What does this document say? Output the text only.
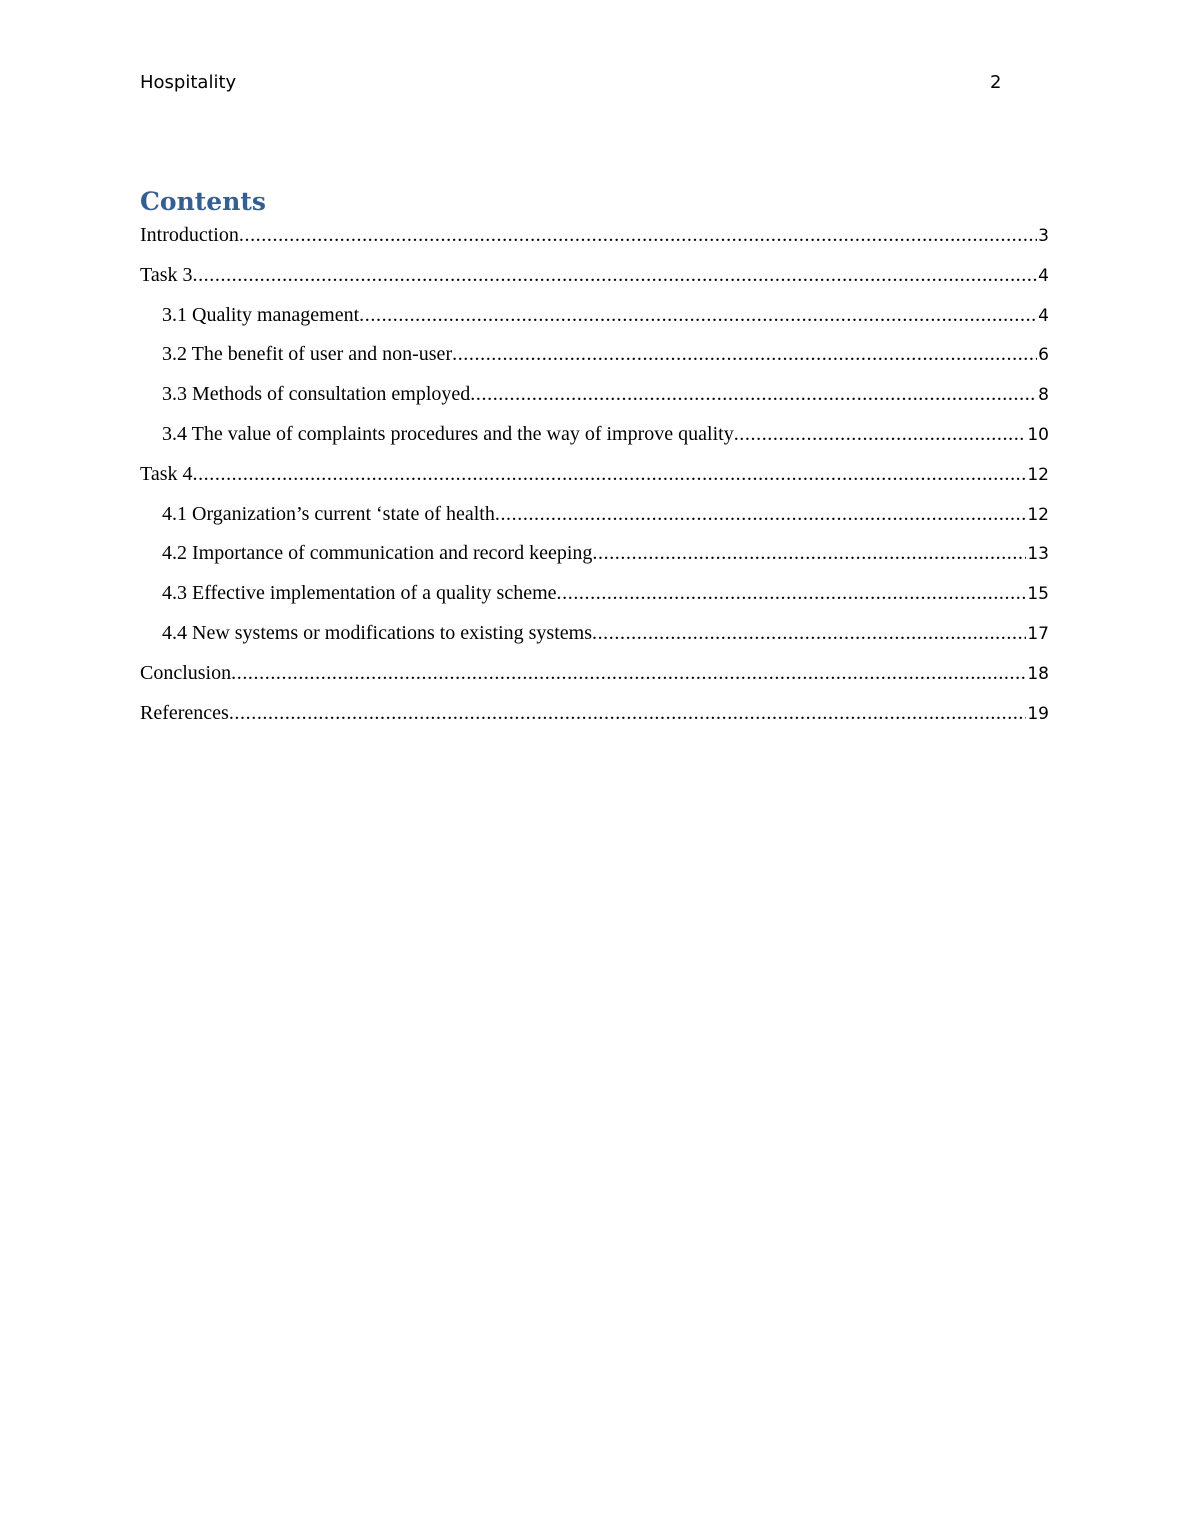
Hospitality	2
Contents
Introduction .....	3
Task 3 .....	4
3.1 Quality management .....	4
3.2 The benefit of user and non-user .....	6
3.3 Methods of consultation employed .....	8
3.4 The value of complaints procedures and the way of improve quality .....	10
Task 4 .....	12
4.1 Organization’s current ‘state of health .....	12
4.2 Importance of communication and record keeping .....	13
4.3 Effective implementation of a quality scheme .....	15
4.4 New systems or modifications to existing systems .....	17
Conclusion .....	18
References .....	19
